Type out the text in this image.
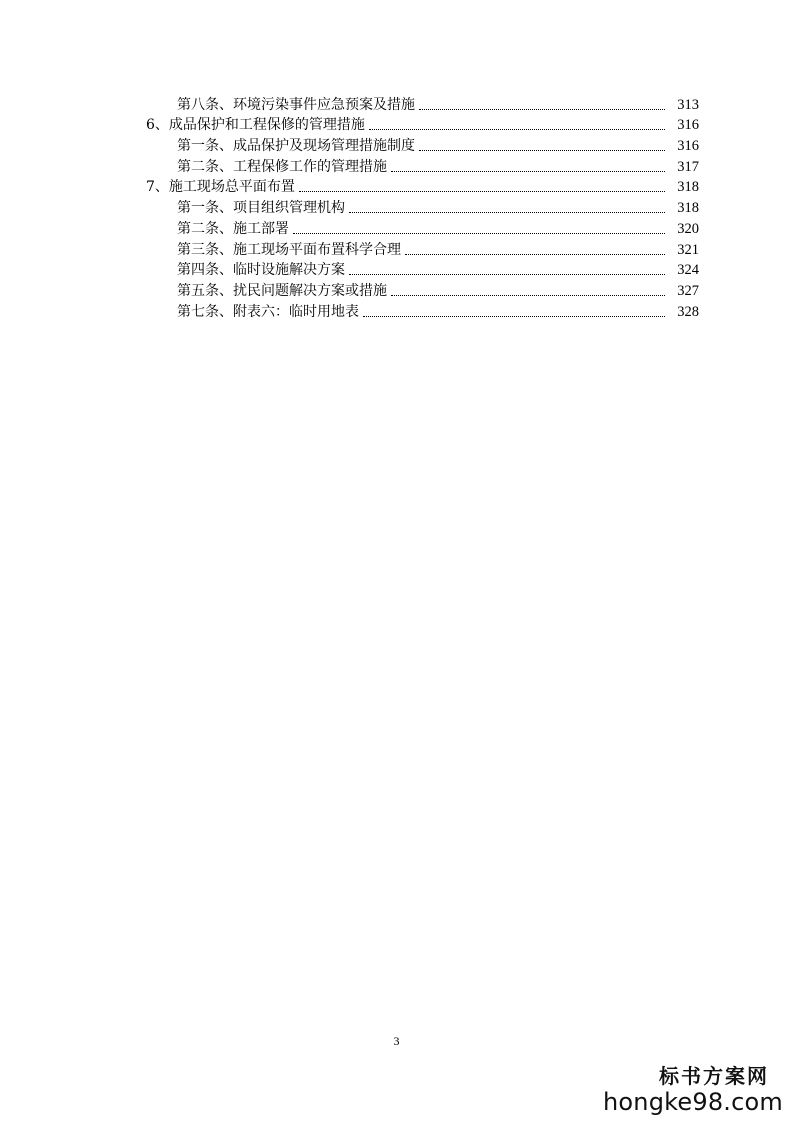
第八条、环境污染事件应急预案及措施	313
6、成品保护和工程保修的管理措施	316
第一条、成品保护及现场管理措施制度	316
第二条、工程保修工作的管理措施	317
7、施工现场总平面布置	318
第一条、项目组织管理机构	318
第二条、施工部署	320
第三条、施工现场平面布置科学合理	321
第四条、临时设施解决方案	324
第五条、扰民问题解决方案或措施	327
第七条、附表六：临时用地表	328
3
标书方案网
hongke98.com
